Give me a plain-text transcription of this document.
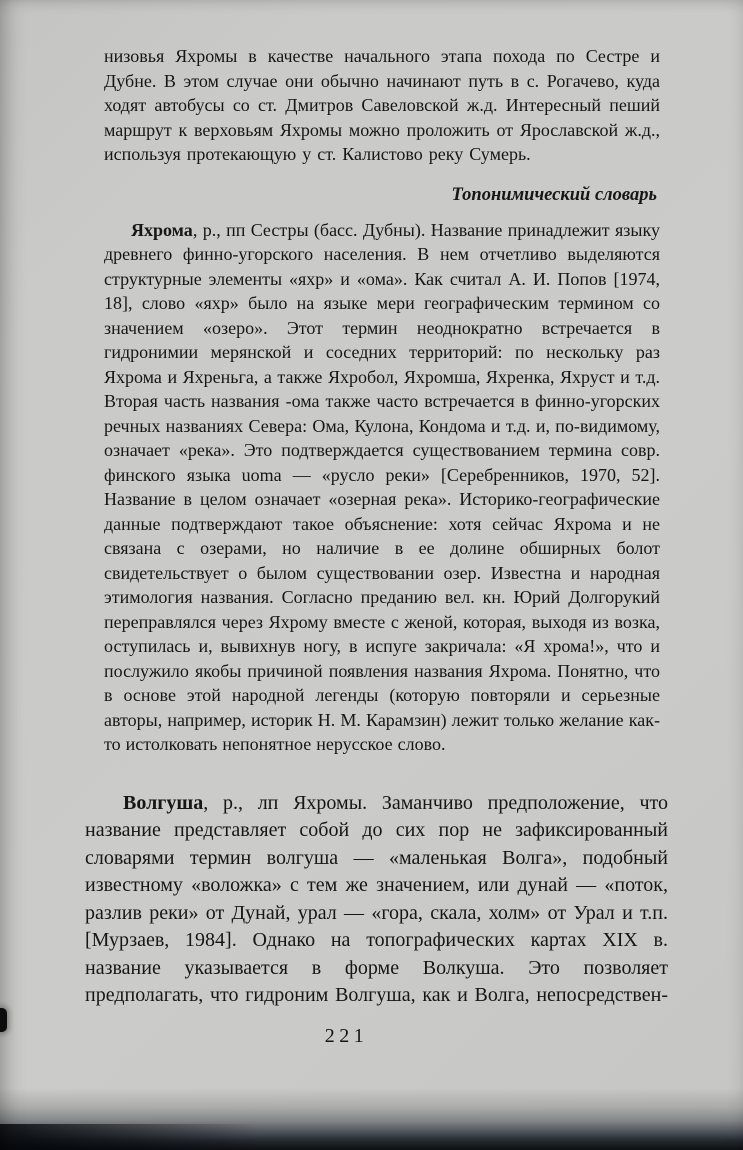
низовья Яхромы в качестве начального этапа похода по Сестре и Дубне. В этом случае они обычно начинают путь в с. Рогачево, куда ходят автобусы со ст. Дмитров Савеловской ж.д. Интересный пеший маршрут к верховьям Яхромы можно проложить от Ярославской ж.д., используя протекающую у ст. Калистово реку Сумерь.

Топонимический словарь

Яхрома, р., пп Сестры (басс. Дубны). Название принадлежит языку древнего финно-угорского населения. В нем отчетливо выделяются структурные элементы «яхр» и «ома». Как считал А. И. Попов [1974, 18], слово «яхр» было на языке мери географическим термином со значением «озеро». Этот термин неоднократно встречается в гидронимии мерянской и соседних территорий: по нескольку раз Яхрома и Яхреньга, а также Яхробол, Яхромша, Яхренка, Яхруст и т.д. Вторая часть названия -ома также часто встречается в финно-угорских речных названиях Севера: Ома, Кулона, Кондома и т.д. и, по-видимому, означает «река». Это подтверждается существованием термина совр. финского языка uoma — «русло реки» [Серебренников, 1970, 52]. Название в целом означает «озерная река». Историко-географические данные подтверждают такое объяснение: хотя сейчас Яхрома и не связана с озерами, но наличие в ее долине обширных болот свидетельствует о былом существовании озер. Известна и народная этимология названия. Согласно преданию вел. кн. Юрий Долгорукий переправлялся через Яхрому вместе с женой, которая, выходя из возка, оступилась и, вывихнув ногу, в испуге закричала: «Я хрома!», что и послужило якобы причиной появления названия Яхрома. Понятно, что в основе этой народной легенды (которую повторяли и серьезные авторы, например, историк Н. М. Карамзин) лежит только желание как-то истолковать непонятное нерусское слово.

Волгуша, р., лп Яхромы. Заманчиво предположение, что название представляет собой до сих пор не зафиксированный словарями термин волгуша — «маленькая Волга», подобный известному «воложка» с тем же значением, или дунай — «поток, разлив реки» от Дунай, урал — «гора, скала, холм» от Урал и т.п. [Мурзаев, 1984]. Однако на топографических картах XIX в. название указывается в форме Волкуша. Это позволяет предполагать, что гидроним Волгуша, как и Волга, непосредствен-

221
